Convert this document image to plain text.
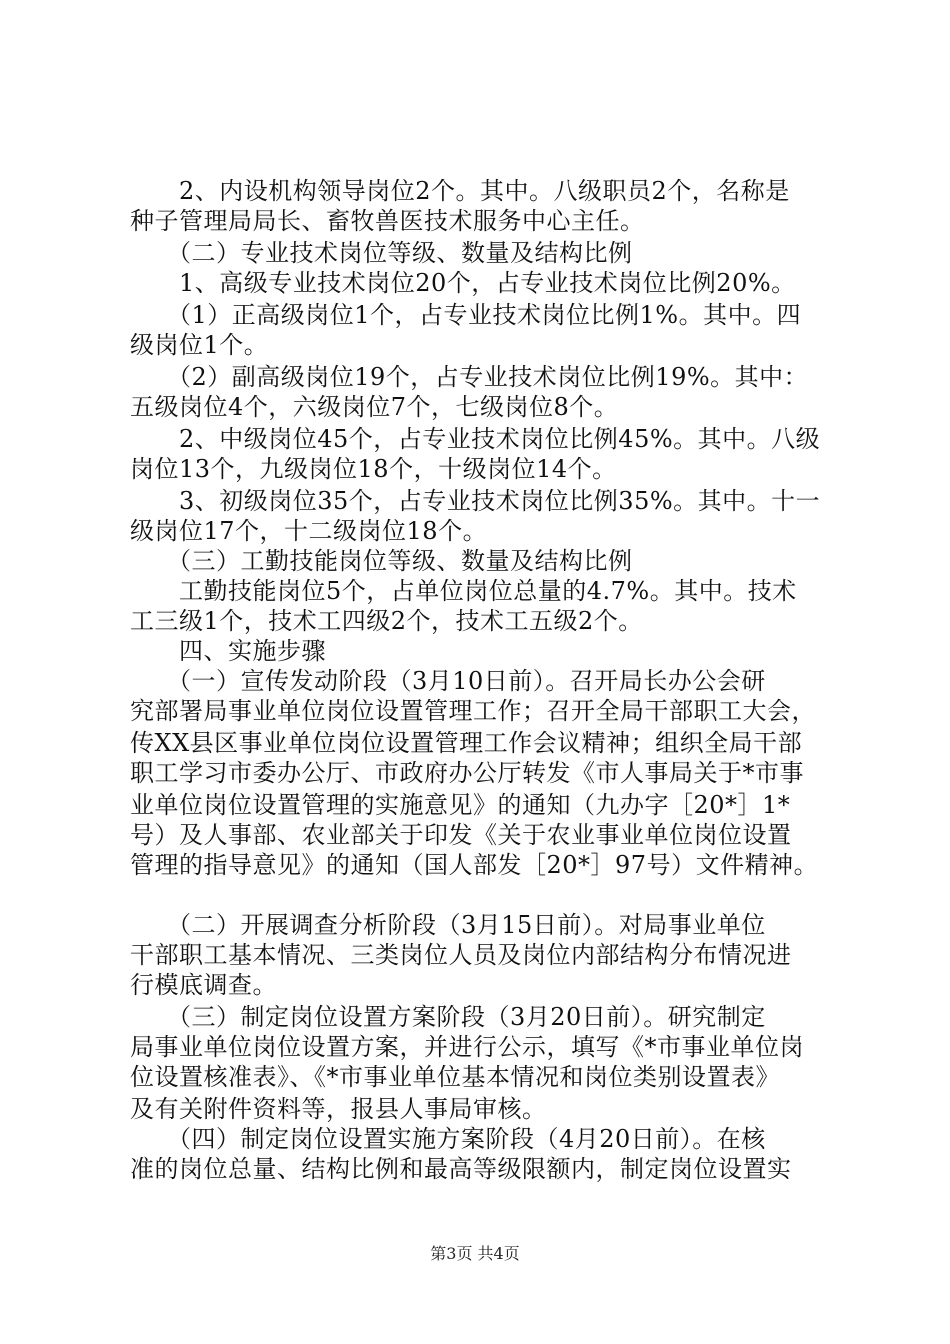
　　2、内设机构领导岗位2个。其中。八级职员2个，名称是
种子管理局局长、畜牧兽医技术服务中心主任。
　　（二）专业技术岗位等级、数量及结构比例
　　1、高级专业技术岗位20个，占专业技术岗位比例20%。
　　（1）正高级岗位1个，占专业技术岗位比例1%。其中。四
级岗位1个。
　　（2）副高级岗位19个，占专业技术岗位比例19%。其中：
五级岗位4个，六级岗位7个，七级岗位8个。
　　2、中级岗位45个，占专业技术岗位比例45%。其中。八级
岗位13个，九级岗位18个，十级岗位14个。
　　3、初级岗位35个，占专业技术岗位比例35%。其中。十一
级岗位17个，十二级岗位18个。
　　（三）工勤技能岗位等级、数量及结构比例
　　工勤技能岗位5个，占单位岗位总量的4.7%。其中。技术
工三级1个，技术工四级2个，技术工五级2个。
　　四、实施步骤
　　（一）宣传发动阶段（3月10日前）。召开局长办公会研
究部署局事业单位岗位设置管理工作；召开全局干部职工大会，
传XX县区事业单位岗位设置管理工作会议精神；组织全局干部
职工学习市委办公厅、市政府办公厅转发《市人事局关于*市事
业单位岗位设置管理的实施意见》的通知（九办字［20*］1*
号）及人事部、农业部关于印发《关于农业事业单位岗位设置
管理的指导意见》的通知（国人部发［20*］97号）文件精神。
　　（二）开展调查分析阶段（3月15日前）。对局事业单位
干部职工基本情况、三类岗位人员及岗位内部结构分布情况进
行模底调查。
　　（三）制定岗位设置方案阶段（3月20日前）。研究制定
局事业单位岗位设置方案，并进行公示，填写《*市事业单位岗
位设置核准表》、《*市事业单位基本情况和岗位类别设置表》
及有关附件资料等，报县人事局审核。
　　（四）制定岗位设置实施方案阶段（4月20日前）。在核
准的岗位总量、结构比例和最高等级限额内，制定岗位设置实
第3页 共4页
